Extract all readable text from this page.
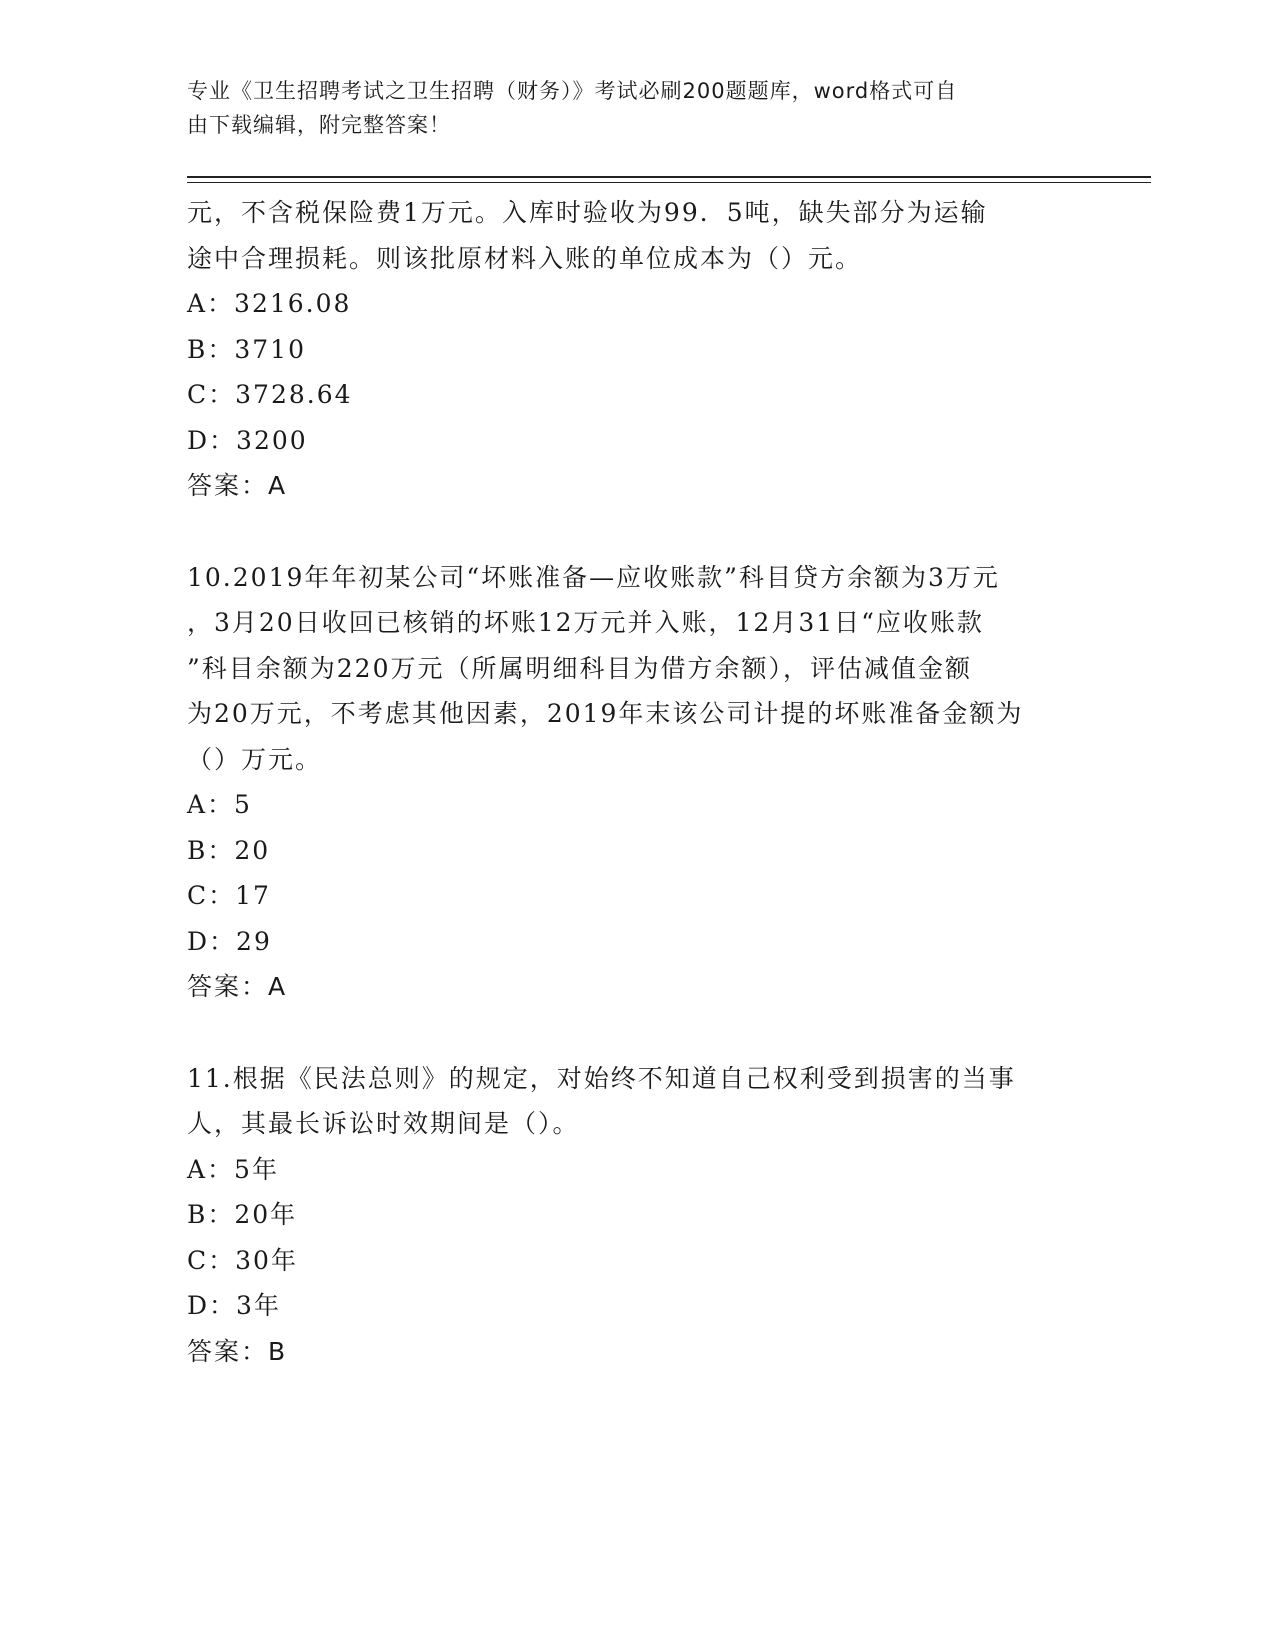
专业《卫生招聘考试之卫生招聘（财务）》考试必刷200题题库，word格式可自
由下载编辑，附完整答案！

元，不含税保险费1万元。入库时验收为99．5吨，缺失部分为运输

途中合理损耗。则该批原材料入账的单位成本为（）元。

A：3216.08

B：3710

C：3728.64

D：3200

答案：A

10.2019年年初某公司“坏账准备—应收账款”科目贷方余额为3万元

，3月20日收回已核销的坏账12万元并入账，12月31日“应收账款

”科目余额为220万元（所属明细科目为借方余额），评估减值金额

为20万元，不考虑其他因素，2019年末该公司计提的坏账准备金额为

（）万元。

A：5

B：20

C：17

D：29

答案：A

11.根据《民法总则》的规定，对始终不知道自己权利受到损害的当事

人，其最长诉讼时效期间是（）。

A：5年

B：20年

C：30年

D：3年

答案：B
